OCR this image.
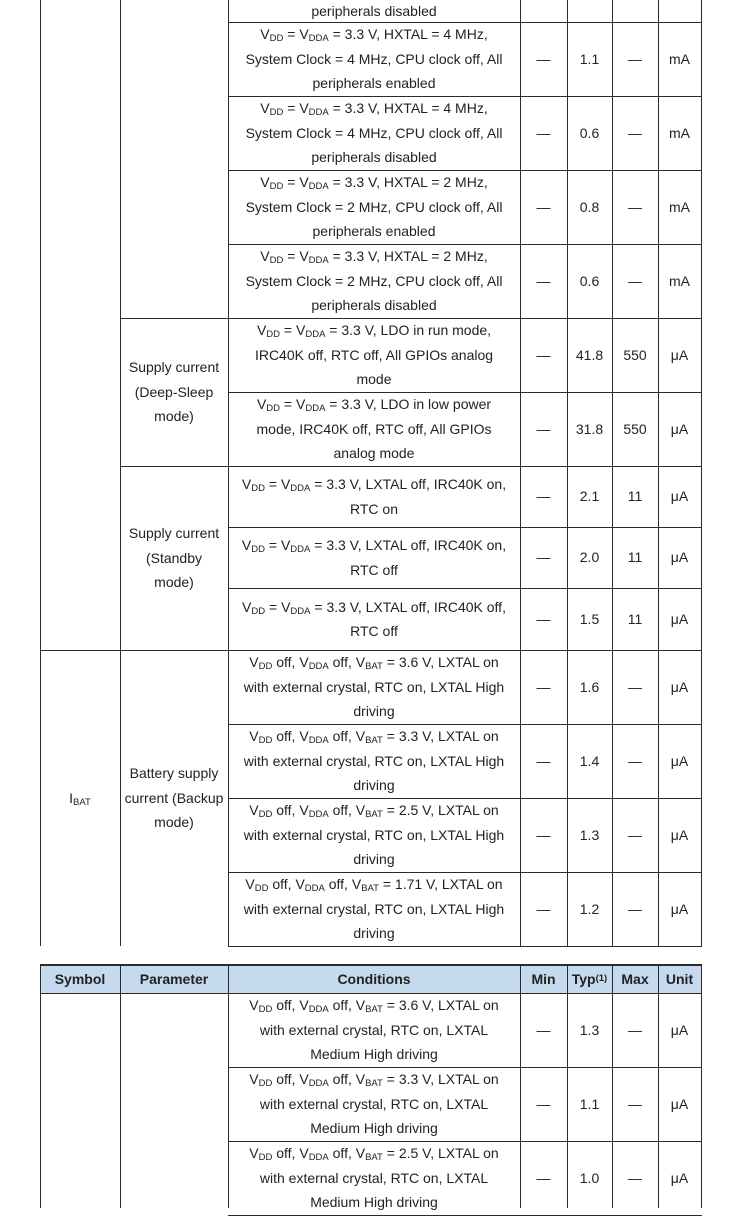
peripherals disabled
$V_{DD} = V_{DDA} = 3.3$ V, HXTAL = 4 MHz,
System Clock = 4 MHz, CPU clock off, All
peripherals enabled
— 1.1 — mA
$V_{DD} = V_{DDA} = 3.3$ V, HXTAL = 4 MHz,
System Clock = 4 MHz, CPU clock off, All
peripherals disabled
— 0.6 — mA
$V_{DD} = V_{DDA} = 3.3$ V, HXTAL = 2 MHz,
System Clock = 2 MHz, CPU clock off, All
peripherals enabled
— 0.8 — mA
$V_{DD} = V_{DDA} = 3.3$ V, HXTAL = 2 MHz,
System Clock = 2 MHz, CPU clock off, All
peripherals disabled
— 0.6 — mA
$V_{DD} = V_{DDA} = 3.3$ V, LDO in run mode,
IRC40K off, RTC off, All GPIOs analog
mode
— 41.8 550 μA
$V_{DD} = V_{DDA} = 3.3$ V, LDO in low power
mode, IRC40K off, RTC off, All GPIOs
analog mode
— 31.8 550 μA
$V_{DD} = V_{DDA} = 3.3$ V, LXTAL off, IRC40K on,
RTC on
— 2.1 11 μA
$V_{DD} = V_{DDA} = 3.3$ V, LXTAL off, IRC40K on,
RTC off
— 2.0 11 μA
$V_{DD} = V_{DDA} = 3.3$ V, LXTAL off, IRC40K off,
RTC off
— 1.5 11 μA
$V_{DD}$ off, $V_{DDA}$ off, $V_{BAT} = 3.6$ V, LXTAL on
with external crystal, RTC on, LXTAL High
driving
— 1.6 — μA
$V_{DD}$ off, $V_{DDA}$ off, $V_{BAT} = 3.3$ V, LXTAL on
with external crystal, RTC on, LXTAL High
driving
— 1.4 — μA
$V_{DD}$ off, $V_{DDA}$ off, $V_{BAT} = 2.5$ V, LXTAL on
with external crystal, RTC on, LXTAL High
driving
— 1.3 — μA
$V_{DD}$ off, $V_{DDA}$ off, $V_{BAT} = 1.71$ V, LXTAL on
with external crystal, RTC on, LXTAL High
driving
— 1.2 — μA
Supply current
(Deep-Sleep
mode)
Supply current
(Standby
mode)
Battery supply
current (Backup
mode)
$I_{BAT}$
Symbol Parameter	Conditions	Min Typ (1) Max Unit
$V_{DD}$ off, $V_{DDA}$ off, $V_{BAT} = 3.6$ V, LXTAL on
with external crystal, RTC on, LXTAL
Medium High driving
— 1.3 — μA
$V_{DD}$ off, $V_{DDA}$ off, $V_{BAT} = 3.3$ V, LXTAL on
with external crystal, RTC on, LXTAL
Medium High driving
— 1.1 — μA
$V_{DD}$ off, $V_{DDA}$ off, $V_{BAT} = 2.5$ V, LXTAL on
with external crystal, RTC on, LXTAL
Medium High driving
— 1.0 — μA
